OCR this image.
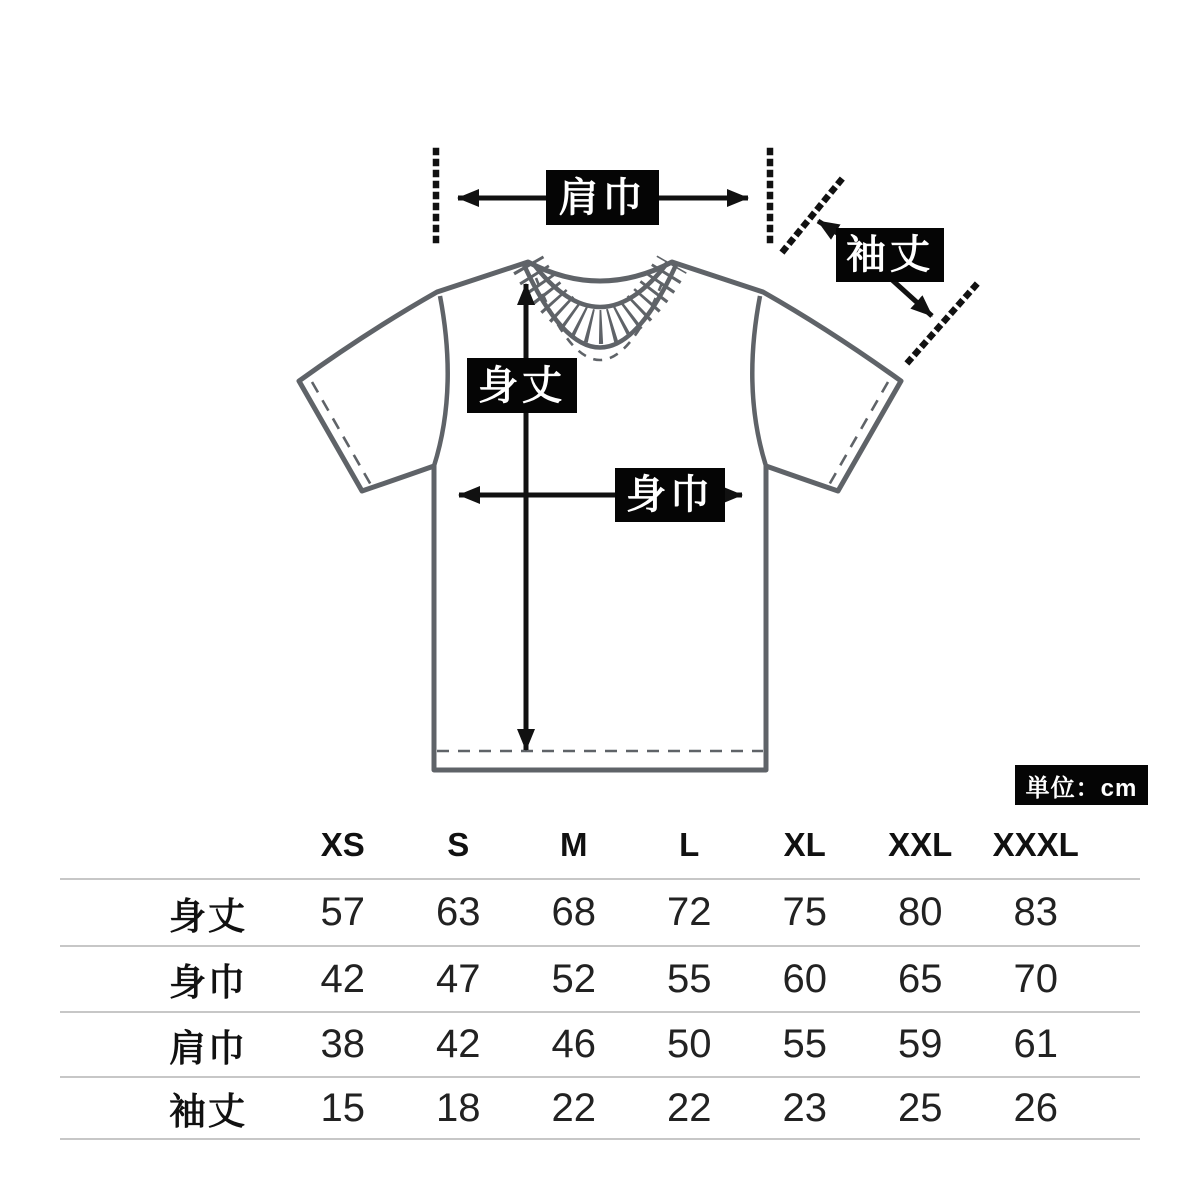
肩巾
袖丈
身丈
身巾
単位：cm
XS	S	M	L	XL	XXL	XXXL
身丈	57	63	68	72	75	80	83
身巾	42	47	52	55	60	65	70
肩巾	38	42	46	50	55	59	61
袖丈	15	18	22	22	23	25	26
